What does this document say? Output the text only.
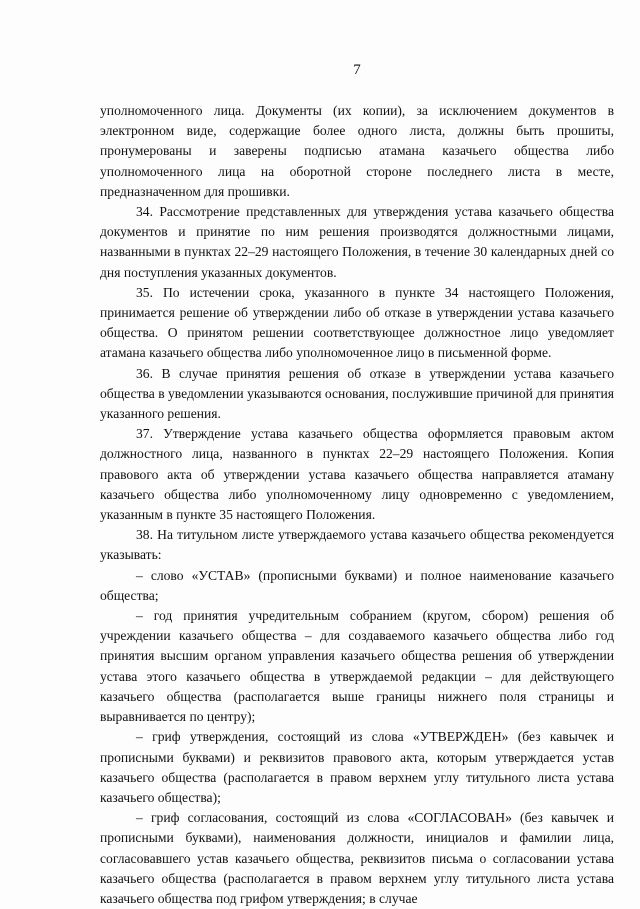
7

уполномоченного лица. Документы (их копии), за исключением документов в электронном виде, содержащие более одного листа, должны быть прошиты, пронумерованы и заверены подписью атамана казачьего общества либо уполномоченного лица на оборотной стороне последнего листа в месте, предназначенном для прошивки.

34. Рассмотрение представленных для утверждения устава казачьего общества документов и принятие по ним решения производятся должностными лицами, названными в пунктах 22–29 настоящего Положения, в течение 30 календарных дней со дня поступления указанных документов.

35. По истечении срока, указанного в пункте 34 настоящего Положения, принимается решение об утверждении либо об отказе в утверждении устава казачьего общества. О принятом решении соответствующее должностное лицо уведомляет атамана казачьего общества либо уполномоченное лицо в письменной форме.

36. В случае принятия решения об отказе в утверждении устава казачьего общества в уведомлении указываются основания, послужившие причиной для принятия указанного решения.

37. Утверждение устава казачьего общества оформляется правовым актом должностного лица, названного в пунктах 22–29 настоящего Положения. Копия правового акта об утверждении устава казачьего общества направляется атаману казачьего общества либо уполномоченному лицу одновременно с уведомлением, указанным в пункте 35 настоящего Положения.

38. На титульном листе утверждаемого устава казачьего общества рекомендуется указывать:

– слово «УСТАВ» (прописными буквами) и полное наименование казачьего общества;

– год принятия учредительным собранием (кругом, сбором) решения об учреждении казачьего общества – для создаваемого казачьего общества либо год принятия высшим органом управления казачьего общества решения об утверждении устава этого казачьего общества в утверждаемой редакции – для действующего казачьего общества (располагается выше границы нижнего поля страницы и выравнивается по центру);

– гриф утверждения, состоящий из слова «УТВЕРЖДЕН» (без кавычек и прописными буквами) и реквизитов правового акта, которым утверждается устав казачьего общества (располагается в правом верхнем углу титульного листа устава казачьего общества);

– гриф согласования, состоящий из слова «СОГЛАСОВАН» (без кавычек и прописными буквами), наименования должности, инициалов и фамилии лица, согласовавшего устав казачьего общества, реквизитов письма о согласовании устава казачьего общества (располагается в правом верхнем углу титульного листа устава казачьего общества под грифом утверждения; в случае
